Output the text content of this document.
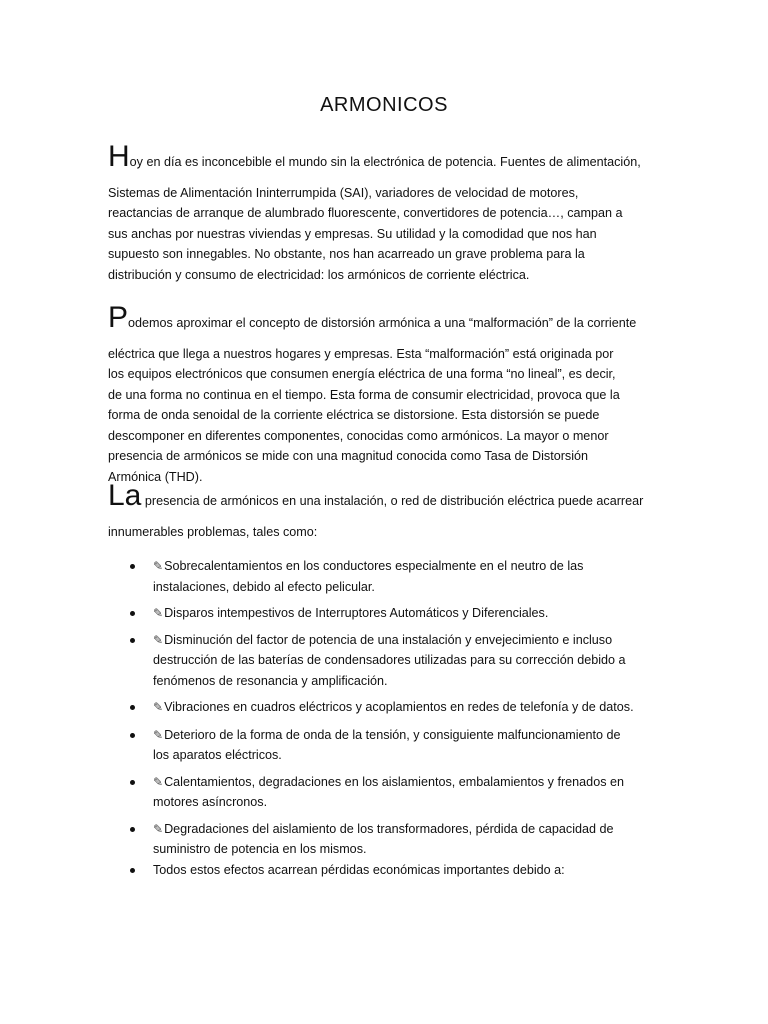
ARMONICOS
Hoy en día es inconcebible el mundo sin la electrónica de potencia. Fuentes de alimentación,
Sistemas de Alimentación Ininterrumpida (SAI), variadores de velocidad de motores, reactancias de arranque de alumbrado fluorescente, convertidores de potencia…, campan a sus anchas por nuestras viviendas y empresas. Su utilidad y la comodidad que nos han supuesto son innegables. No obstante, nos han acarreado un grave problema para la distribución y consumo de electricidad: los armónicos de corriente eléctrica.
Podemos aproximar el concepto de distorsión armónica a una “malformación” de la corriente
eléctrica que llega a nuestros hogares y empresas. Esta “malformación” está originada por los equipos electrónicos que consumen energía eléctrica de una forma “no lineal”, es decir, de una forma no continua en el tiempo. Esta forma de consumir electricidad, provoca que la forma de onda senoidal de la corriente eléctrica se distorsione. Esta distorsión se puede descomponer en diferentes componentes, conocidas como armónicos. La mayor o menor presencia de armónicos se mide con una magnitud conocida como Tasa de Distorsión Armónica (THD).
La presencia de armónicos en una instalación, o red de distribución eléctrica puede acarrear
innumerables problemas, tales como:
✎Sobrecalentamientos en los conductores especialmente en el neutro de las instalaciones, debido al efecto pelicular.
✎Disparos intempestivos de Interruptores Automáticos y Diferenciales.
✎Disminución del factor de potencia de una instalación y envejecimiento e incluso destrucción de las baterías de condensadores utilizadas para su corrección debido a fenómenos de resonancia y amplificación.
✎Vibraciones en cuadros eléctricos y acoplamientos en redes de telefonía y de datos.
✎Deterioro de la forma de onda de la tensión, y consiguiente malfuncionamiento de los aparatos eléctricos.
✎Calentamientos, degradaciones en los aislamientos, embalamientos y frenados en motores asíncronos.
✎Degradaciones del aislamiento de los transformadores, pérdida de capacidad de suministro de potencia en los mismos.
Todos estos efectos acarrean pérdidas económicas importantes debido a:
